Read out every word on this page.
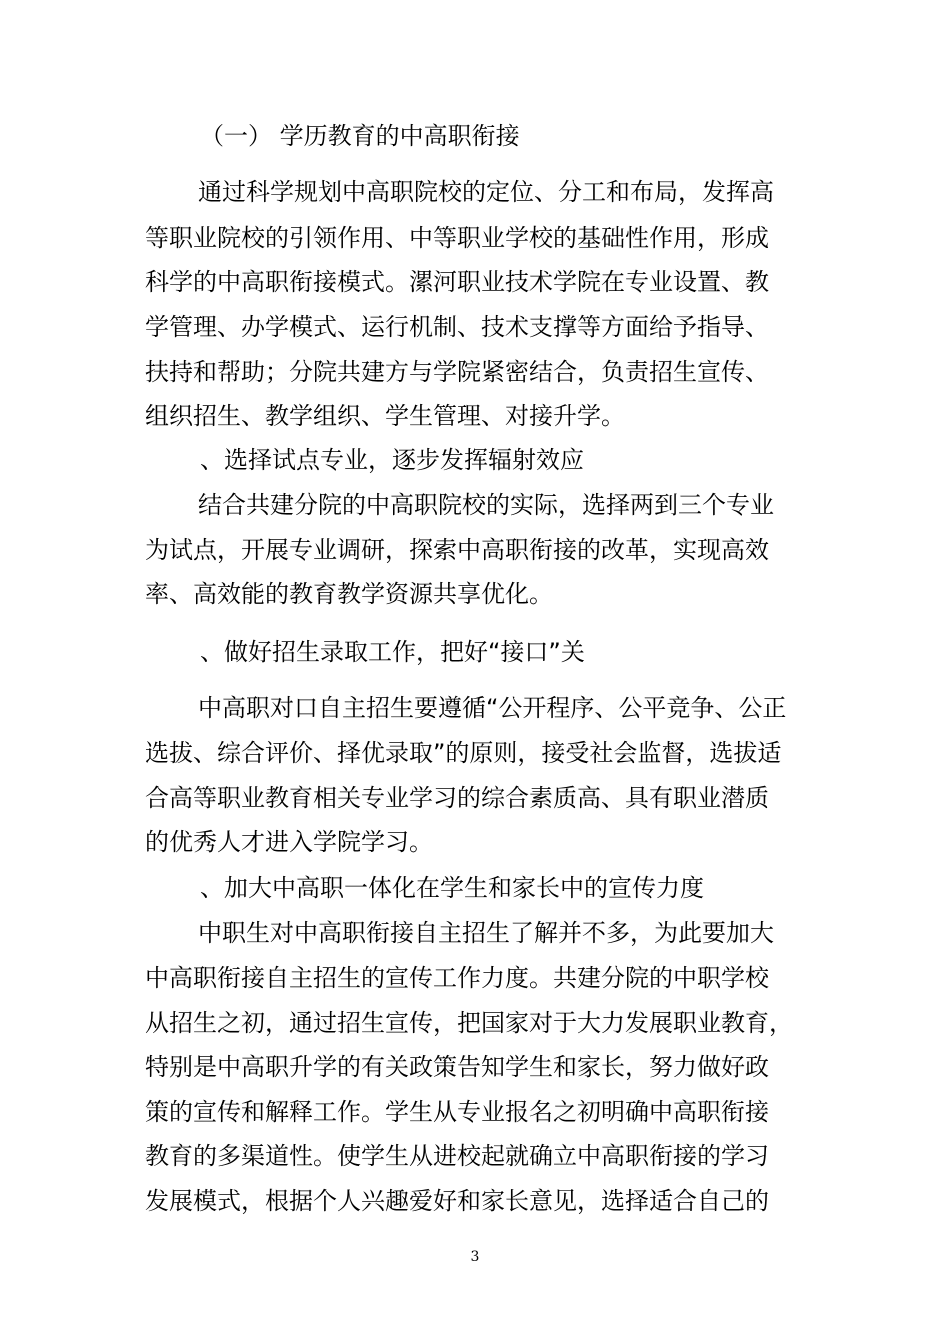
（一） 学历教育的中高职衔接
通过科学规划中高职院校的定位、分工和布局，发挥高
等职业院校的引领作用、中等职业学校的基础性作用，形成
科学的中高职衔接模式。漯河职业技术学院在专业设置、教
学管理、办学模式、运行机制、技术支撑等方面给予指导、
扶持和帮助；分院共建方与学院紧密结合，负责招生宣传、
组织招生、教学组织、学生管理、对接升学。
、选择试点专业，逐步发挥辐射效应
结合共建分院的中高职院校的实际，选择两到三个专业
为试点，开展专业调研，探索中高职衔接的改革，实现高效
率、高效能的教育教学资源共享优化。
、做好招生录取工作，把好“接口”关
中高职对口自主招生要遵循“公开程序、公平竞争、公正
选拔、综合评价、择优录取”的原则，接受社会监督，选拔适
合高等职业教育相关专业学习的综合素质高、具有职业潜质
的优秀人才进入学院学习。
、加大中高职一体化在学生和家长中的宣传力度
中职生对中高职衔接自主招生了解并不多，为此要加大
中高职衔接自主招生的宣传工作力度。共建分院的中职学校
从招生之初，通过招生宣传，把国家对于大力发展职业教育，
特别是中高职升学的有关政策告知学生和家长，努力做好政
策的宣传和解释工作。学生从专业报名之初明确中高职衔接
教育的多渠道性。使学生从进校起就确立中高职衔接的学习
发展模式，根据个人兴趣爱好和家长意见，选择适合自己的
3
